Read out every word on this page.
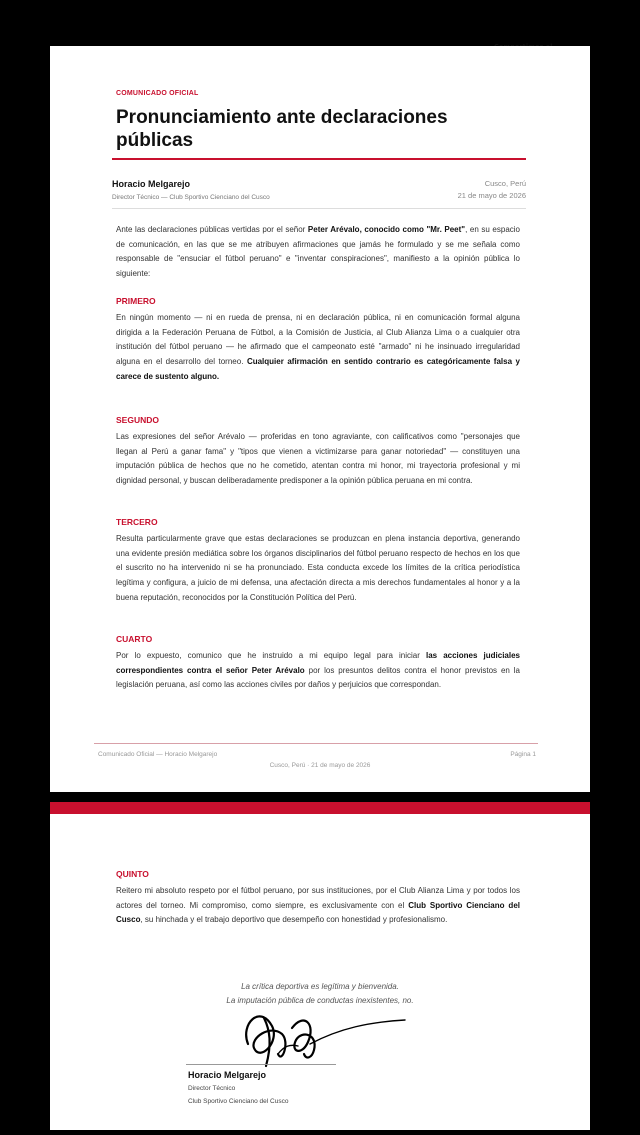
COMUNICADO OFICIAL
Pronunciamiento ante declaraciones públicas
Horacio Melgarejo
Director Técnico — Club Sportivo Cienciano del Cusco
Cusco, Perú
21 de mayo de 2026

Ante las declaraciones públicas vertidas por el señor Peter Arévalo, conocido como "Mr. Peet", en su espacio de comunicación, en las que se me atribuyen afirmaciones que jamás he formulado y se me señala como responsable de "ensuciar el fútbol peruano" e "inventar conspiraciones", manifiesto a la opinión pública lo siguiente:

PRIMERO

En ningún momento — ni en rueda de prensa, ni en declaración pública, ni en comunicación formal alguna dirigida a la Federación Peruana de Fútbol, a la Comisión de Justicia, al Club Alianza Lima o a cualquier otra institución del fútbol peruano — he afirmado que el campeonato esté "armado" ni he insinuado irregularidad alguna en el desarrollo del torneo. Cualquier afirmación en sentido contrario es categóricamente falsa y carece de sustento alguno.

SEGUNDO

Las expresiones del señor Arévalo — proferidas en tono agraviante, con calificativos como "personajes que llegan al Perú a ganar fama" y "tipos que vienen a victimizarse para ganar notoriedad" — constituyen una imputación pública de hechos que no he cometido, atentan contra mi honor, mi trayectoria profesional y mi dignidad personal, y buscan deliberadamente predisponer a la opinión pública peruana en mi contra.

TERCERO

Resulta particularmente grave que estas declaraciones se produzcan en plena instancia deportiva, generando una evidente presión mediática sobre los órganos disciplinarios del fútbol peruano respecto de hechos en los que el suscrito no ha intervenido ni se ha pronunciado. Esta conducta excede los límites de la crítica periodística legítima y configura, a juicio de mi defensa, una afectación directa a mis derechos fundamentales al honor y a la buena reputación, reconocidos por la Constitución Política del Perú.

CUARTO

Por lo expuesto, comunico que he instruido a mi equipo legal para iniciar las acciones judiciales correspondientes contra el señor Peter Arévalo por los presuntos delitos contra el honor previstos en la legislación peruana, así como las acciones civiles por daños y perjuicios que correspondan.

Comunicado Oficial — Horacio Melgarejo	Página 1
Cusco, Perú · 21 de mayo de 2026
QUINTO

Reitero mi absoluto respeto por el fútbol peruano, por sus instituciones, por el Club Alianza Lima y por todos los actores del torneo. Mi compromiso, como siempre, es exclusivamente con el Club Sportivo Cienciano del Cusco, su hinchada y el trabajo deportivo que desempeño con honestidad y profesionalismo.

La crítica deportiva es legítima y bienvenida.
La imputación pública de conductas inexistentes, no.
Horacio Melgarejo
Director Técnico
Club Sportivo Cienciano del Cusco
